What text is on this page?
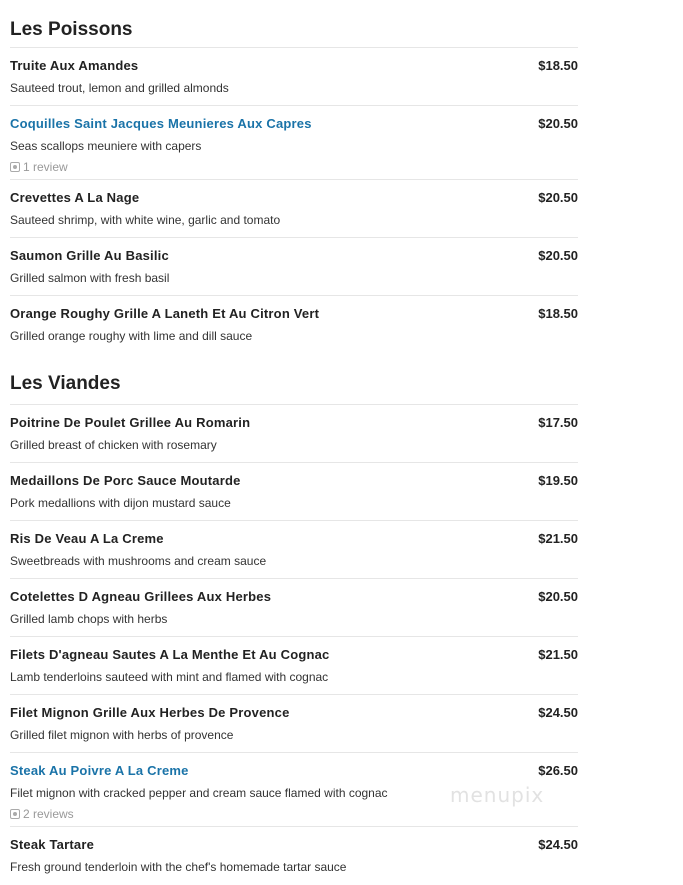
Les Poissons
Truite Aux Amandes	$18.50
Sauteed trout, lemon and grilled almonds
Coquilles Saint Jacques Meunieres Aux Capres	$20.50
Seas scallops meuniere with capers
1 review
Crevettes A La Nage	$20.50
Sauteed shrimp, with white wine, garlic and tomato
Saumon Grille Au Basilic	$20.50
Grilled salmon with fresh basil
Orange Roughy Grille A Laneth Et Au Citron Vert	$18.50
Grilled orange roughy with lime and dill sauce
Les Viandes
Poitrine De Poulet Grillee Au Romarin	$17.50
Grilled breast of chicken with rosemary
Medaillons De Porc Sauce Moutarde	$19.50
Pork medallions with dijon mustard sauce
Ris De Veau A La Creme	$21.50
Sweetbreads with mushrooms and cream sauce
Cotelettes D Agneau Grillees Aux Herbes	$20.50
Grilled lamb chops with herbs
Filets D'agneau Sautes A La Menthe Et Au Cognac	$21.50
Lamb tenderloins sauteed with mint and flamed with cognac
Filet Mignon Grille Aux Herbes De Provence	$24.50
Grilled filet mignon with herbs of provence
Steak Au Poivre A La Creme	$26.50
Filet mignon with cracked pepper and cream sauce flamed with cognac
2 reviews
Steak Tartare	$24.50
Fresh ground tenderloin with the chef's homemade tartar sauce
menupix
